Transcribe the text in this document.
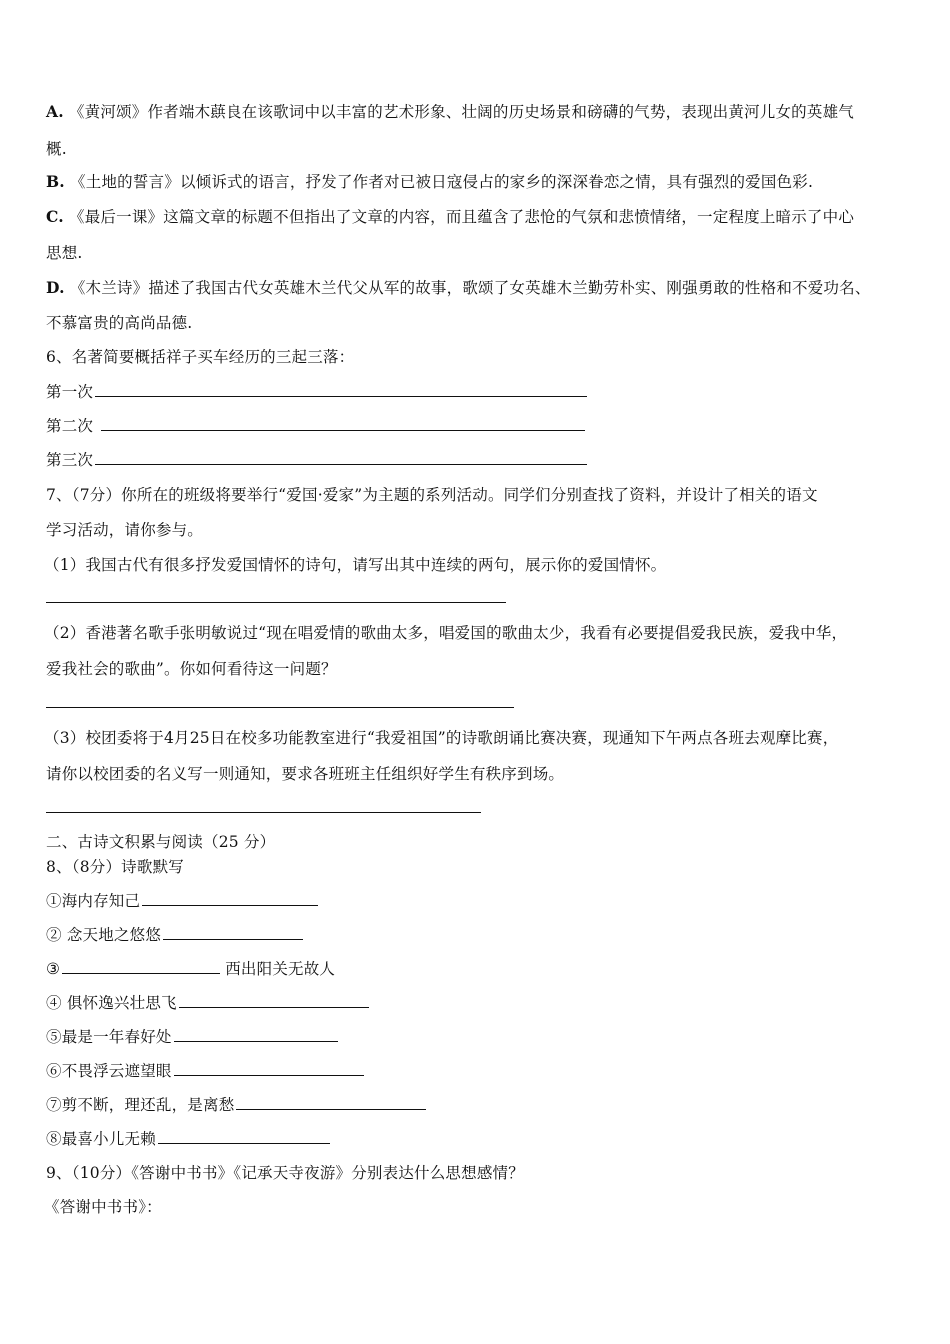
A. 《黄河颂》作者端木蕻良在该歌词中以丰富的艺术形象、壮阔的历史场景和磅礴的气势，表现出黄河儿女的英雄气
概.
B. 《土地的誓言》以倾诉式的语言，抒发了作者对已被日寇侵占的家乡的深深眷恋之情，具有强烈的爱国色彩.
C. 《最后一课》这篇文章的标题不但指出了文章的内容，而且蕴含了悲怆的气氛和悲愤情绪，一定程度上暗示了中心
思想.
D. 《木兰诗》描述了我国古代女英雄木兰代父从军的故事，歌颂了女英雄木兰勤劳朴实、刚强勇敢的性格和不爱功名、
不慕富贵的高尚品德.
6、名著简要概括祥子买车经历的三起三落：
第一次
第二次
第三次
7、（7分）你所在的班级将要举行“爱国·爱家”为主题的系列活动。同学们分别查找了资料，并设计了相关的语文
学习活动，请你参与。
（1）我国古代有很多抒发爱国情怀的诗句，请写出其中连续的两句，展示你的爱国情怀。
（2）香港著名歌手张明敏说过“现在唱爱情的歌曲太多，唱爱国的歌曲太少，我看有必要提倡爱我民族，爱我中华，
爱我社会的歌曲”。你如何看待这一问题？
（3）校团委将于4月25日在校多功能教室进行“我爱祖国”的诗歌朗诵比赛决赛，现通知下午两点各班去观摩比赛，
请你以校团委的名义写一则通知，要求各班班主任组织好学生有秩序到场。
二、古诗文积累与阅读（25 分）
8、（8分）诗歌默写
①海内存知己
② 念天地之悠悠
③	西出阳关无故人
④ 俱怀逸兴壮思飞
⑤最是一年春好处
⑥不畏浮云遮望眼
⑦剪不断，理还乱，是离愁
⑧最喜小儿无赖
9、（10分）《答谢中书书》《记承天寺夜游》分别表达什么思想感情？
《答谢中书书》：
